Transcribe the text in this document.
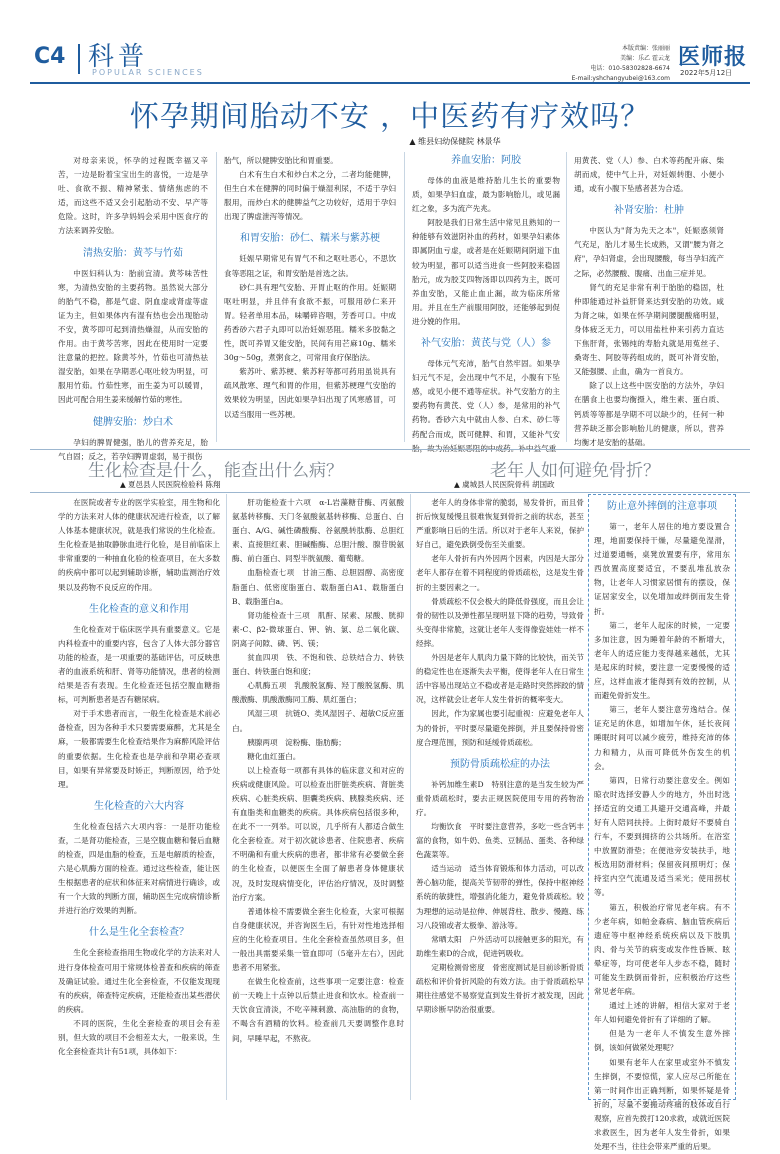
C4 科普
POPULAR SCIENCES
本版责编：张丽丽
美编：乐乙 霍云龙
电话：010-58302828-6674
E-mail:yshchangyubei@163.com
医师报
2022年5月12日
怀孕期间胎动不安 ，中医药有疗效吗？
▲ 维县妇幼保健院 林景华

对母亲来说，怀孕的过程既幸福又辛苦，一边是盼着宝宝出生的喜悦，一边是孕吐、食欲不振、精神紧张、情绪焦虑的不适，而这些不适又会引起胎动不安、早产等危险。这时，许多孕妈妈会采用中医食疗的方法来调养安胎。

清热安胎：黄芩与竹茹

中医妇科认为：胎前宜清。黄芩味苦性寒，为清热安胎的主要药物。虽然说大部分的胎气不稳，都是气虚、阴血虚或肾虚等虚证为主，但如果体内有湿有热也会出现胎动不安，黄芩即可起到清热燥湿，从而安胎的作用。由于黄芩苦寒，因此在使用时一定要注意量的把控。除黄芩外，竹茹也可清热祛湿安胎，如果在孕期恶心呕吐较为明显，可服用竹茹。竹茹性寒，而生姜为可以暖胃，因此可配合用生姜来缓解竹茹的寒性。

健脾安胎：炒白术

孕妇的脾胃健强，胎儿的营养充足，胎气自固；反之，若孕妇脾胃虚弱，易于损伤

胎气，所以健脾安胎比和胃重要。

白术有生白术和炒白术之分，二者均能健脾，但生白术在健脾的同时偏于燥湿利尿，不适于孕妇服用，而炒白术的健脾益气之功较好，适用于孕妇出现了脾虚泄泻等情况。

和胃安胎：砂仁、糯米与紫苏梗

妊娠早期常见有胃气不和之呕吐恶心，不思饮食等恶阻之证，和胃安胎是首选之法。

砂仁具有理气安胎、开胃止呕的作用。妊娠期呕吐明显，并且伴有食欲不振，可服用砂仁来开胃。轻者单用本品，味嚼碎咨咽，芳香可口。中成药香砂六君子丸即可以治妊娠恶阻。糯米多胶黏之性，既可养胃又能安胎，民间有用芒麻10g、糯米30g～50g，煮粥食之，可常用食疗保胎法。

紫苏叶、紫苏梗、紫苏籽等都可药用虽说具有疏风散寒、理气和胃的作用，但紫苏梗理气安胎的效果较为明显，因此如果孕妇出现了风寒感冒，可以适当服用一些苏梗。

养血安胎：阿胶

母体的血液是维持胎儿生长的重要物质，如果孕妇血虚，最为影响胎儿，或见漏红之象，多为流产先兆。

阿胶是我们日常生活中常见且熟知的一种能够有效滋阴补血的药材，如果孕妇素体即属阴血亏虚，或者是在妊娠期间阴道下血较为明显，都可以适当进食一些阿胶来稳固胎元，成为胶艾四物汤即以四药为主，既可养血安胎，又能止血止漏，故为临床所常用。并且在生产前服用阿胶，还能够起到促进分娩的作用。

补气安胎：黄芪与党（人）参

母体元气充沛，胎气自然牢固。如果孕妇元气不足，会出现中气不足，小腹有下坠感，或见小便不通等症状。补气安胎方的主要药物有黄芪、党（人）参，是常用的补气药物。香砂六丸中就由人参、白术、砂仁等药配合而成，既可健脾、和胃，又能补气安

用黄芪、党（人）参、白术等药配升麻、柴胡而成，使中气上升，对妊娠转胞、小便小通，或有小腹下坠感者甚为合适。

补肾安胎：杜肿

中医认为"肾为先天之本"，妊娠惑须肾气充足，胎儿才易生长成熟，又谓"腰为肾之府"，孕妇肾虚，会出现腰酸，每当孕妇流产之际，必然腰酸、腹痛、出血三症并见。

肾气的充足非常有利于胎胎的稳固，杜仲即能通过补益肝肾来达到安胎的功效。咸为肾之味，如果在怀孕期间腰腿酸痛明显，身体疲乏无力，可以用盐杜仲来引药力直达下焦肝肾，张锡纯的寿胎丸就是用菟丝子、桑寄生、阿胶等药组成的，既可补肾安胎，又能强腰、止血，确为一首良方。

除了以上这些中医安胎的方法外，孕妇在膳食上也要均衡摄入，维生素、蛋白质、钙质等等都是孕期不可以缺少的，任何一种营养缺乏都会影响胎儿的健康，所以，营养均衡才是安胎的基础。

生化检查是什么，能查出什么病？
▲ 夏邑县人民医院检验科 陈翔
老年人如何避免骨折？
▲ 虞城县人民医院骨科 胡国政

在医院或者专业的医学实验室，用生物和化学的方法来对人体的健康状况进行检查，以了解人体基本健康状况，就是我们常说的生化检查。生化检查是抽取静脉血进行化验，是目前临床上非常重要的一种抽血化验的检查项目，在大多数的疾病中都可以起到辅助诊断，辅助监测治疗效果以及药物不良反应的作用。

生化检查的意义和作用

生化检查对于临床医学具有重要意义。它是内科检查中的重要内容，包含了人体大部分器官功能的检查，是一项重要的基础评估，可反映患者的血液系统和肝、肾等功能情况，患者的检测结果是否有表现。生化检查还包括空腹血糖指标，可判断患者是否有糖尿病。

对于手术患者而言，一般生化检查是术前必备检查，因为各种手术只要需要麻醉，尤其是全麻，一般都需要生化检查结果作为麻醉风险评估的重要依据。生化检查也是孕前和孕期必查项目，如果有异常要及时矫正，判断原因，给予处理。

生化检查的六大内容

生化检查包括六大项内容：一是肝功能检查，二是肾功能检查，三是空腹血糖和餐后血糖的检查，四是血脂的检查，五是电解质的检查，六是心肌酶方面的检查。通过这些检查，能让医生根据患者的症状和体征来对病情进行确诊，或有一个大致的判断方面，辅助医生完成病情诊断并进行治疗效果的判断。

什么是生化全套检查？

生化全套检查指用生物或化学的方法来对人进行身体检查可用于常规体检普查和疾病的筛查及确证试验。通过生化全套检查，不仅能发现现有的疾病，筛查特定疾病，还能检查出某些潜伏的疾病。

不同的医院，生化全套检查的项目会有差别，但大致的项目不会相差太大，一般来说，生化全套检查共计有51项，具体如下：

肝功能检查十六项　α-L岩藻糖苷酶、丙氨酸氨基转移酶、天门冬氨酸氨基转移酶、总蛋白、白蛋白、A/G、碱性磷酸酶、谷氨酰转肽酶、总胆红素、直接胆红素、胆碱酯酶、总胆汁酸、腺苷脱氨酶、前白蛋白、同型半胱氨酸、葡萄糖。

血脂检查七项　甘油三酯、总胆固醇、高密度脂蛋白、低密度脂蛋白、载脂蛋白A1、载脂蛋白B、载脂蛋白a。

肾功能检查十三项　肌酐、尿素、尿酸、胱抑素-C、β2-微球蛋白、钾、钠、氯、总二氧化碳、阴离子间隙、磷、钙、镁；

贫血四项　铁、不饱和铁、总铁结合力、转铁蛋白、转铁蛋白饱和度；

心肌酶五项　乳酸脱氢酶、羟丁酸脱氢酶、肌酸激酶、肌酸激酶同工酶、肌红蛋白；

风湿三项　抗链O、类风湿因子、超敏C反应蛋白。

胰腺两项　淀粉酶、脂肪酶；

糖化血红蛋白。

以上检查每一项都有具体的临床意义和对应的疾病或健康风险。可以检查出肝脏类疾病、肾脏类疾病、心脏类疾病、胆囊类疾病、胰腺类疾病、还有血脂类和血糖类的疾病。具体疾病包括很多种，在此不一一列举。可以说，几乎所有人都适合做生化全套检查。对于初次就诊患者、住院患者、疾病不明确和有重大疾病的患者，都非常有必要做全套的生化检查，以便医生全面了解患者身体健康状况，及时发现病情变化，评估治疗情况，及时调整治疗方案。

普通体检不需要做全套生化检查，大家可根据自身健康状况，并咨询医生后，有针对性地选择相应的生化检查项目。生化全套检查虽然项目多，但一般出具需要采集一管血即可（5毫升左右），因此患者不用紧张。

在做生化检查前，这些事项一定要注意：检查前一天晚上十点钟以后禁止进食和饮水。检查前一天饮食宜清淡，不吃辛辣刺激、高油脂的的食物，不喝含有酒精的饮料。检查前几天要调整作息时间，早睡早起，不熬夜。

老年人的身体非常的脆弱，易发骨折，而且骨折后恢复缓慢且很难恢复到骨折之前的状态，甚至严重影响日后的生活。所以对于老年人来说，保护好自己，避免跌倒受伤至关重要。

老年人骨折有内外因两个因素，内因是大部分老年人都存在着不同程度的骨质疏松，这是发生骨折的主要因素之一。

骨质疏松不仅会极大的降低骨强度，而且会让骨的韧性以及弹性都呈现明显下降的趋势，导致骨头变得非常脆，这就让老年人变得像瓷娃娃一样不经摔。

外因是老年人肌肉力量下降的比较快，而关节的稳定性也在逐渐失去平衡，使得老年人在日常生活中容易出现站立不稳或者是走路时突然摔跤的情况，这样就会让老年人发生骨折的概率变大。

因此，作为家属也要引起重视：应避免老年人为的骨折，平时要尽量避免摔倒，并且要保持骨密度合理范围，预防和延缓骨质疏松。

预防骨质疏松症的办法

补钙加维生素D　特别注意的是当发生较为严重骨质疏松时，要去正规医院使用专用的药物治疗。

均衡饮食　平时要注意营养，多吃一些含钙丰富的食物，如牛奶、鱼类、豆制品、蛋类、各种绿色蔬菜等。

适当运动　适当体育锻炼和体力活动，可以改善心脑功能，提高关节韧带的弹性，保持中枢神经系统的敏捷性，增强消化能力，避免骨质疏松。较为理想的运动是拉伸、伸展背柱、散步、慢跑、练习八段锦或者太极拳、游泳等。

常晒太阳　户外活动可以接触更多的阳光，有助维生素D的合成，促进钙吸收。

定期检测骨密度　骨密度测试是目前诊断骨质疏松和评价骨折风险的有效方法。由于骨质疏松早期往往感觉不易察觉直到发生骨折才被发现，因此早期诊断早防治很重要。

防止意外摔倒的注意事项

第一，老年人居住的地方要设置合理，地面要保持干燥，尽量避免湿滑，过道要通畅，桌凳放置要有序，常用东西放置高度要适宜，不要乱堆乱放杂物，让老年人习惯家居惯有的摆设，保证居家安全，以免增加或绊倒而发生骨折。

第二，老年人起床的时候，一定要多加注意，因为睡着年龄的不断增大，老年人的适应能力变得越来越低，尤其是起床的时候，要注意一定要慢慢的适应，这样血液才能得到有效的控制，从而避免骨折发生。

第三，老年人要注意劳逸结合。保证充足的休息，如增加午休，延长夜间睡眠时间可以减少疲劳，维持充沛的体力和精力，从而可降低外伤发生的机会。

第四，日常行动要注意安全。例如晾衣时选择安静人少的地方，外出时选择适宜的交通工具避开交通高峰，并最好有人陪同扶持。上街时最好不要骑自行车，不要到拥挤的公共场所。在浴室中放置防滑垫；在便池旁安装扶手，地板选用防滑材料；保留夜间照明灯；保持室内空气流通及适当采光；使用拐杖等。

第五，积极治疗常见老年病。有不少老年病，如帕金森病、脑血管疾病后遗症等中枢神经系统疾病以及下肢肌肉、骨与关节的病变或发作性昏厥、眩晕症等，均可使老年人步态不稳，随时可能发生跌倒而骨折，应积极治疗这些常见老年病。

通过上述的讲解，相信大家对于老年人如何避免骨折有了详细的了解。

但是为一老年人不慎发生意外摔倒，该如何做紧处理呢？

如果有老年人在家里或室外不慎发生摔倒，不要惊慌，家人应尽己所能在第一时间作出正确判断，如果怀疑是骨折的，尽量不要搬动疼痛的肢体或自行观察，应首先拨打120求救，或就近医院求救医生，因为老年人发生骨折，如果处理不当，往往会带来严重的后果。
